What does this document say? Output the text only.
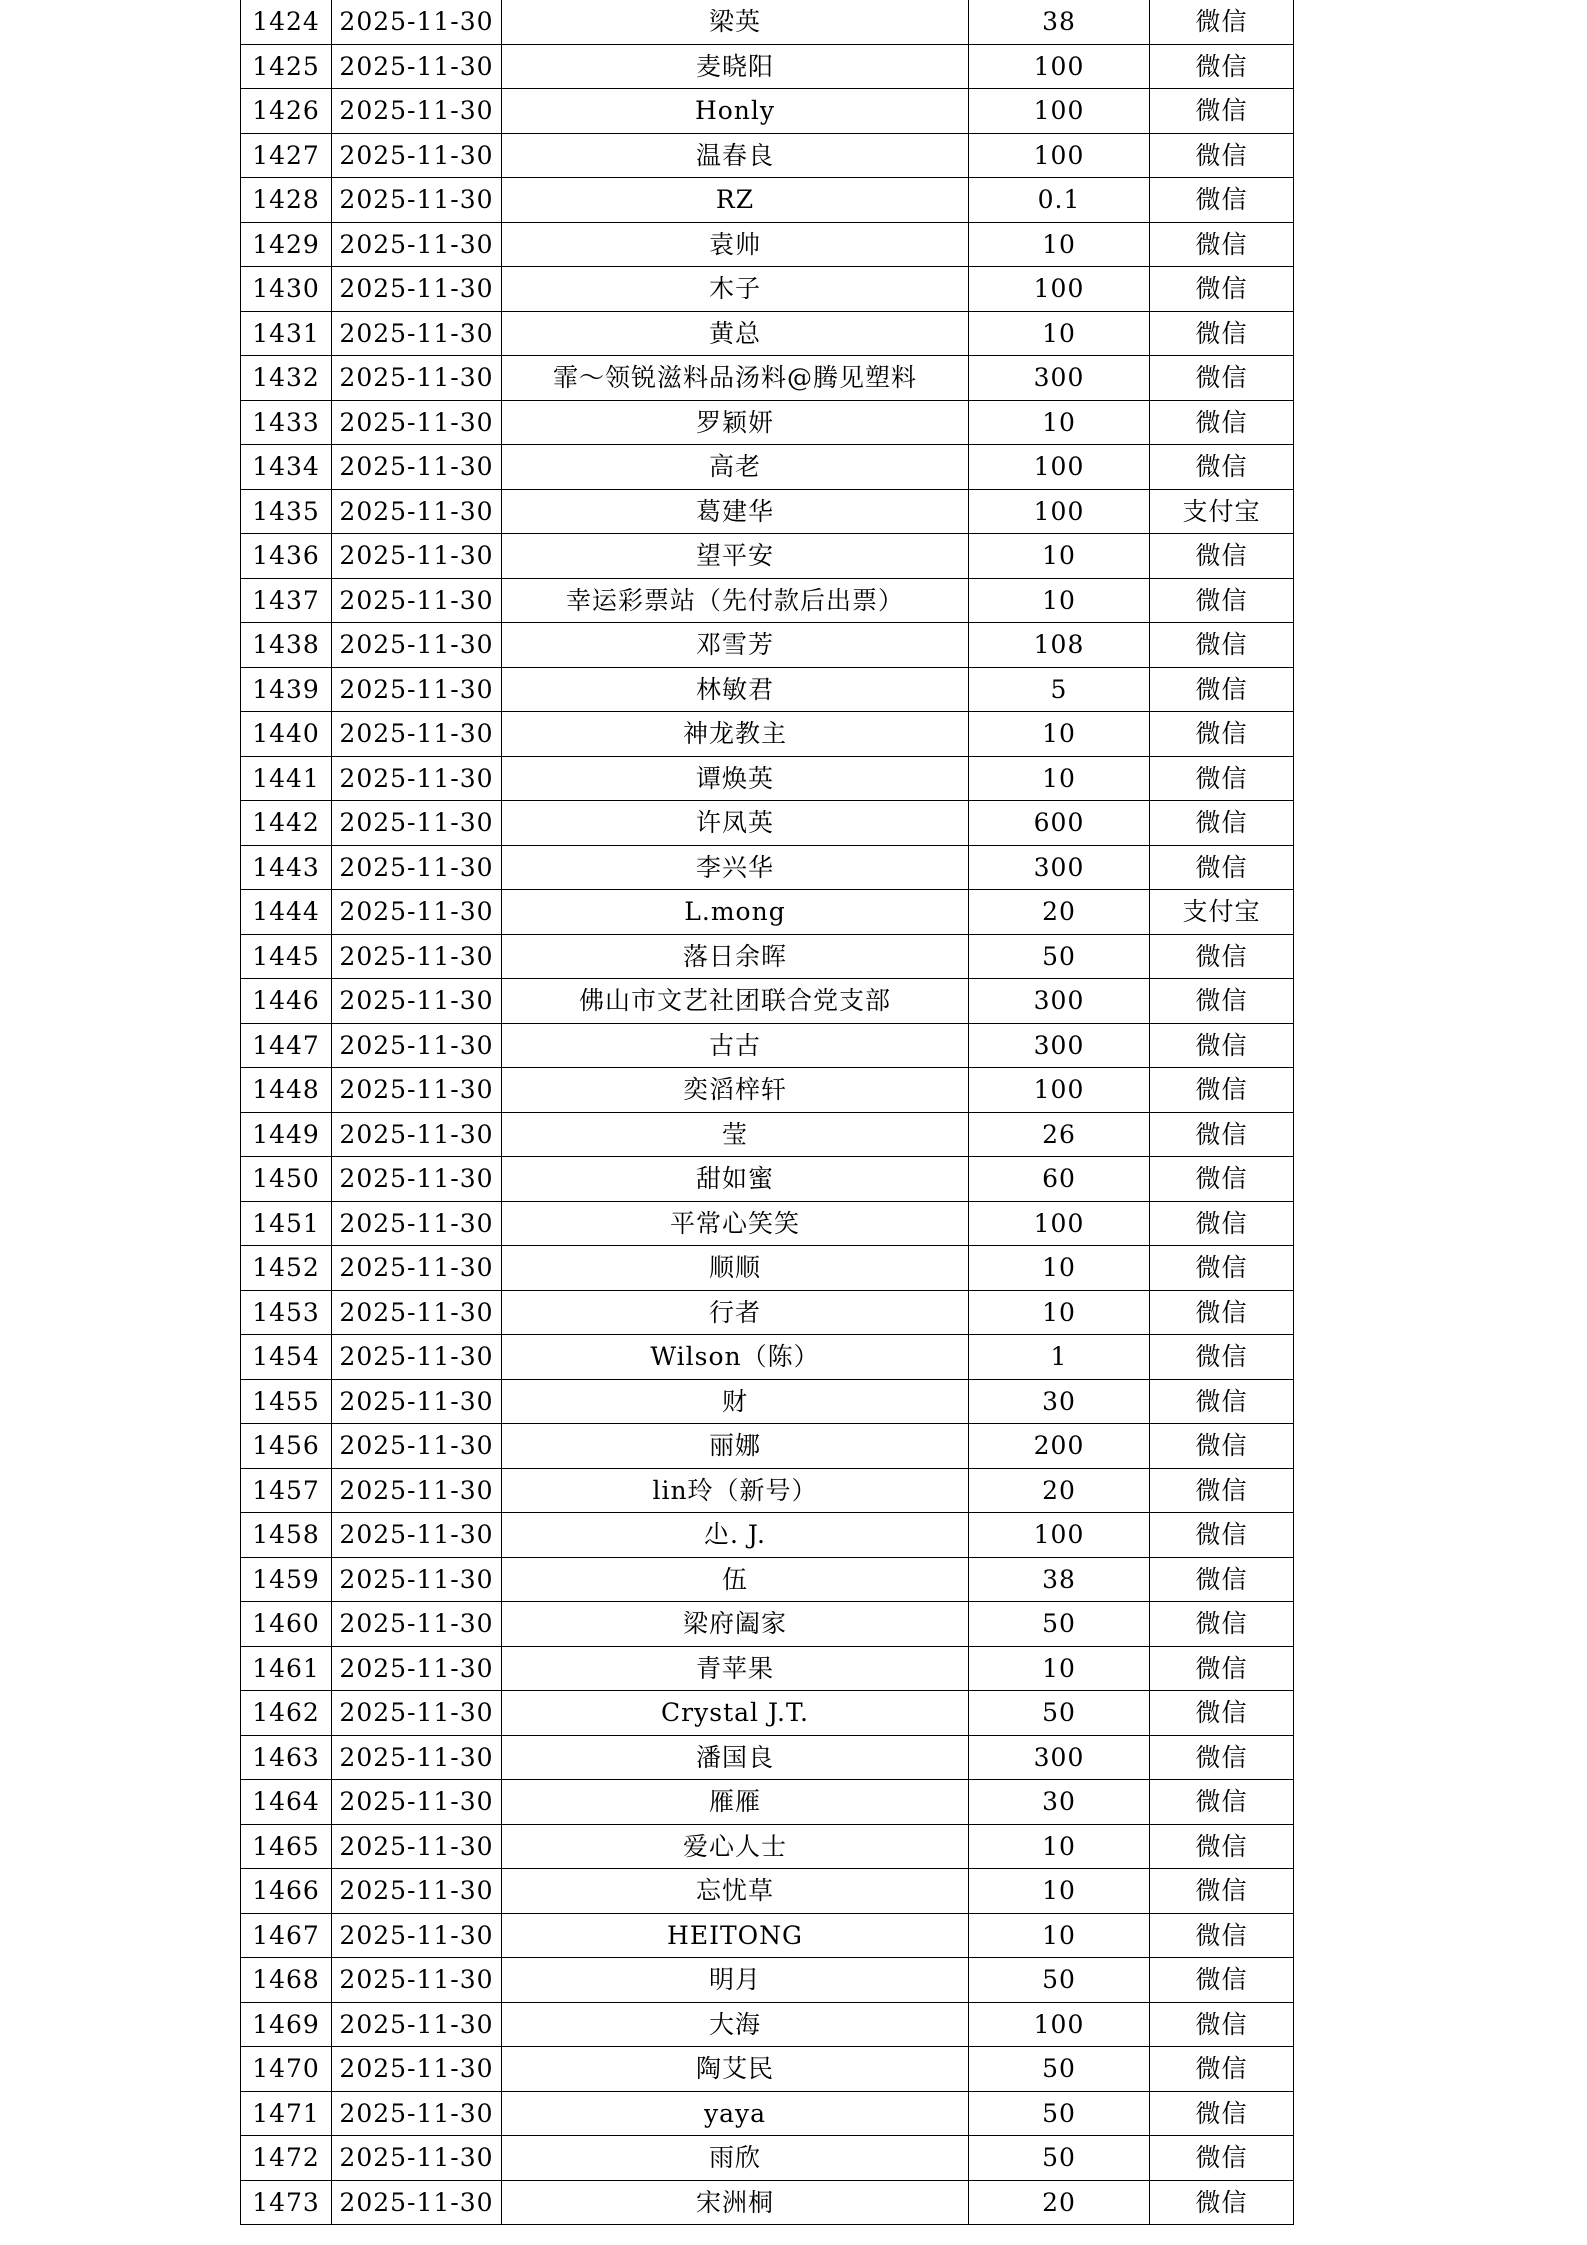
1424	2025-11-30	梁英	38	微信
1425	2025-11-30	麦晓阳	100	微信
1426	2025-11-30	Honly	100	微信
1427	2025-11-30	温春良	100	微信
1428	2025-11-30	RZ	0.1	微信
1429	2025-11-30	袁帅	10	微信
1430	2025-11-30	木子	100	微信
1431	2025-11-30	黄总	10	微信
1432	2025-11-30	霏～领锐滋料品汤料@腾见塑料	300	微信
1433	2025-11-30	罗颖妍	10	微信
1434	2025-11-30	高老	100	微信
1435	2025-11-30	葛建华	100	支付宝
1436	2025-11-30	望平安	10	微信
1437	2025-11-30	幸运彩票站（先付款后出票）	10	微信
1438	2025-11-30	邓雪芳	108	微信
1439	2025-11-30	林敏君	5	微信
1440	2025-11-30	神龙教主	10	微信
1441	2025-11-30	谭焕英	10	微信
1442	2025-11-30	许凤英	600	微信
1443	2025-11-30	李兴华	300	微信
1444	2025-11-30	L.mong	20	支付宝
1445	2025-11-30	落日余晖	50	微信
1446	2025-11-30	佛山市文艺社团联合党支部	300	微信
1447	2025-11-30	古古	300	微信
1448	2025-11-30	奕滔梓轩	100	微信
1449	2025-11-30	莹	26	微信
1450	2025-11-30	甜如蜜	60	微信
1451	2025-11-30	平常心笑笑	100	微信
1452	2025-11-30	顺顺	10	微信
1453	2025-11-30	行者	10	微信
1454	2025-11-30	Wilson（陈）	1	微信
1455	2025-11-30	财	30	微信
1456	2025-11-30	丽娜	200	微信
1457	2025-11-30	lin玲（新号）	20	微信
1458	2025-11-30	尐. J.	100	微信
1459	2025-11-30	伍	38	微信
1460	2025-11-30	梁府阖家	50	微信
1461	2025-11-30	青苹果	10	微信
1462	2025-11-30	Crystal J.T.	50	微信
1463	2025-11-30	潘国良	300	微信
1464	2025-11-30	雁雁	30	微信
1465	2025-11-30	爱心人士	10	微信
1466	2025-11-30	忘忧草	10	微信
1467	2025-11-30	HEITONG	10	微信
1468	2025-11-30	明月	50	微信
1469	2025-11-30	大海	100	微信
1470	2025-11-30	陶艾民	50	微信
1471	2025-11-30	yaya	50	微信
1472	2025-11-30	雨欣	50	微信
1473	2025-11-30	宋洲桐	20	微信
